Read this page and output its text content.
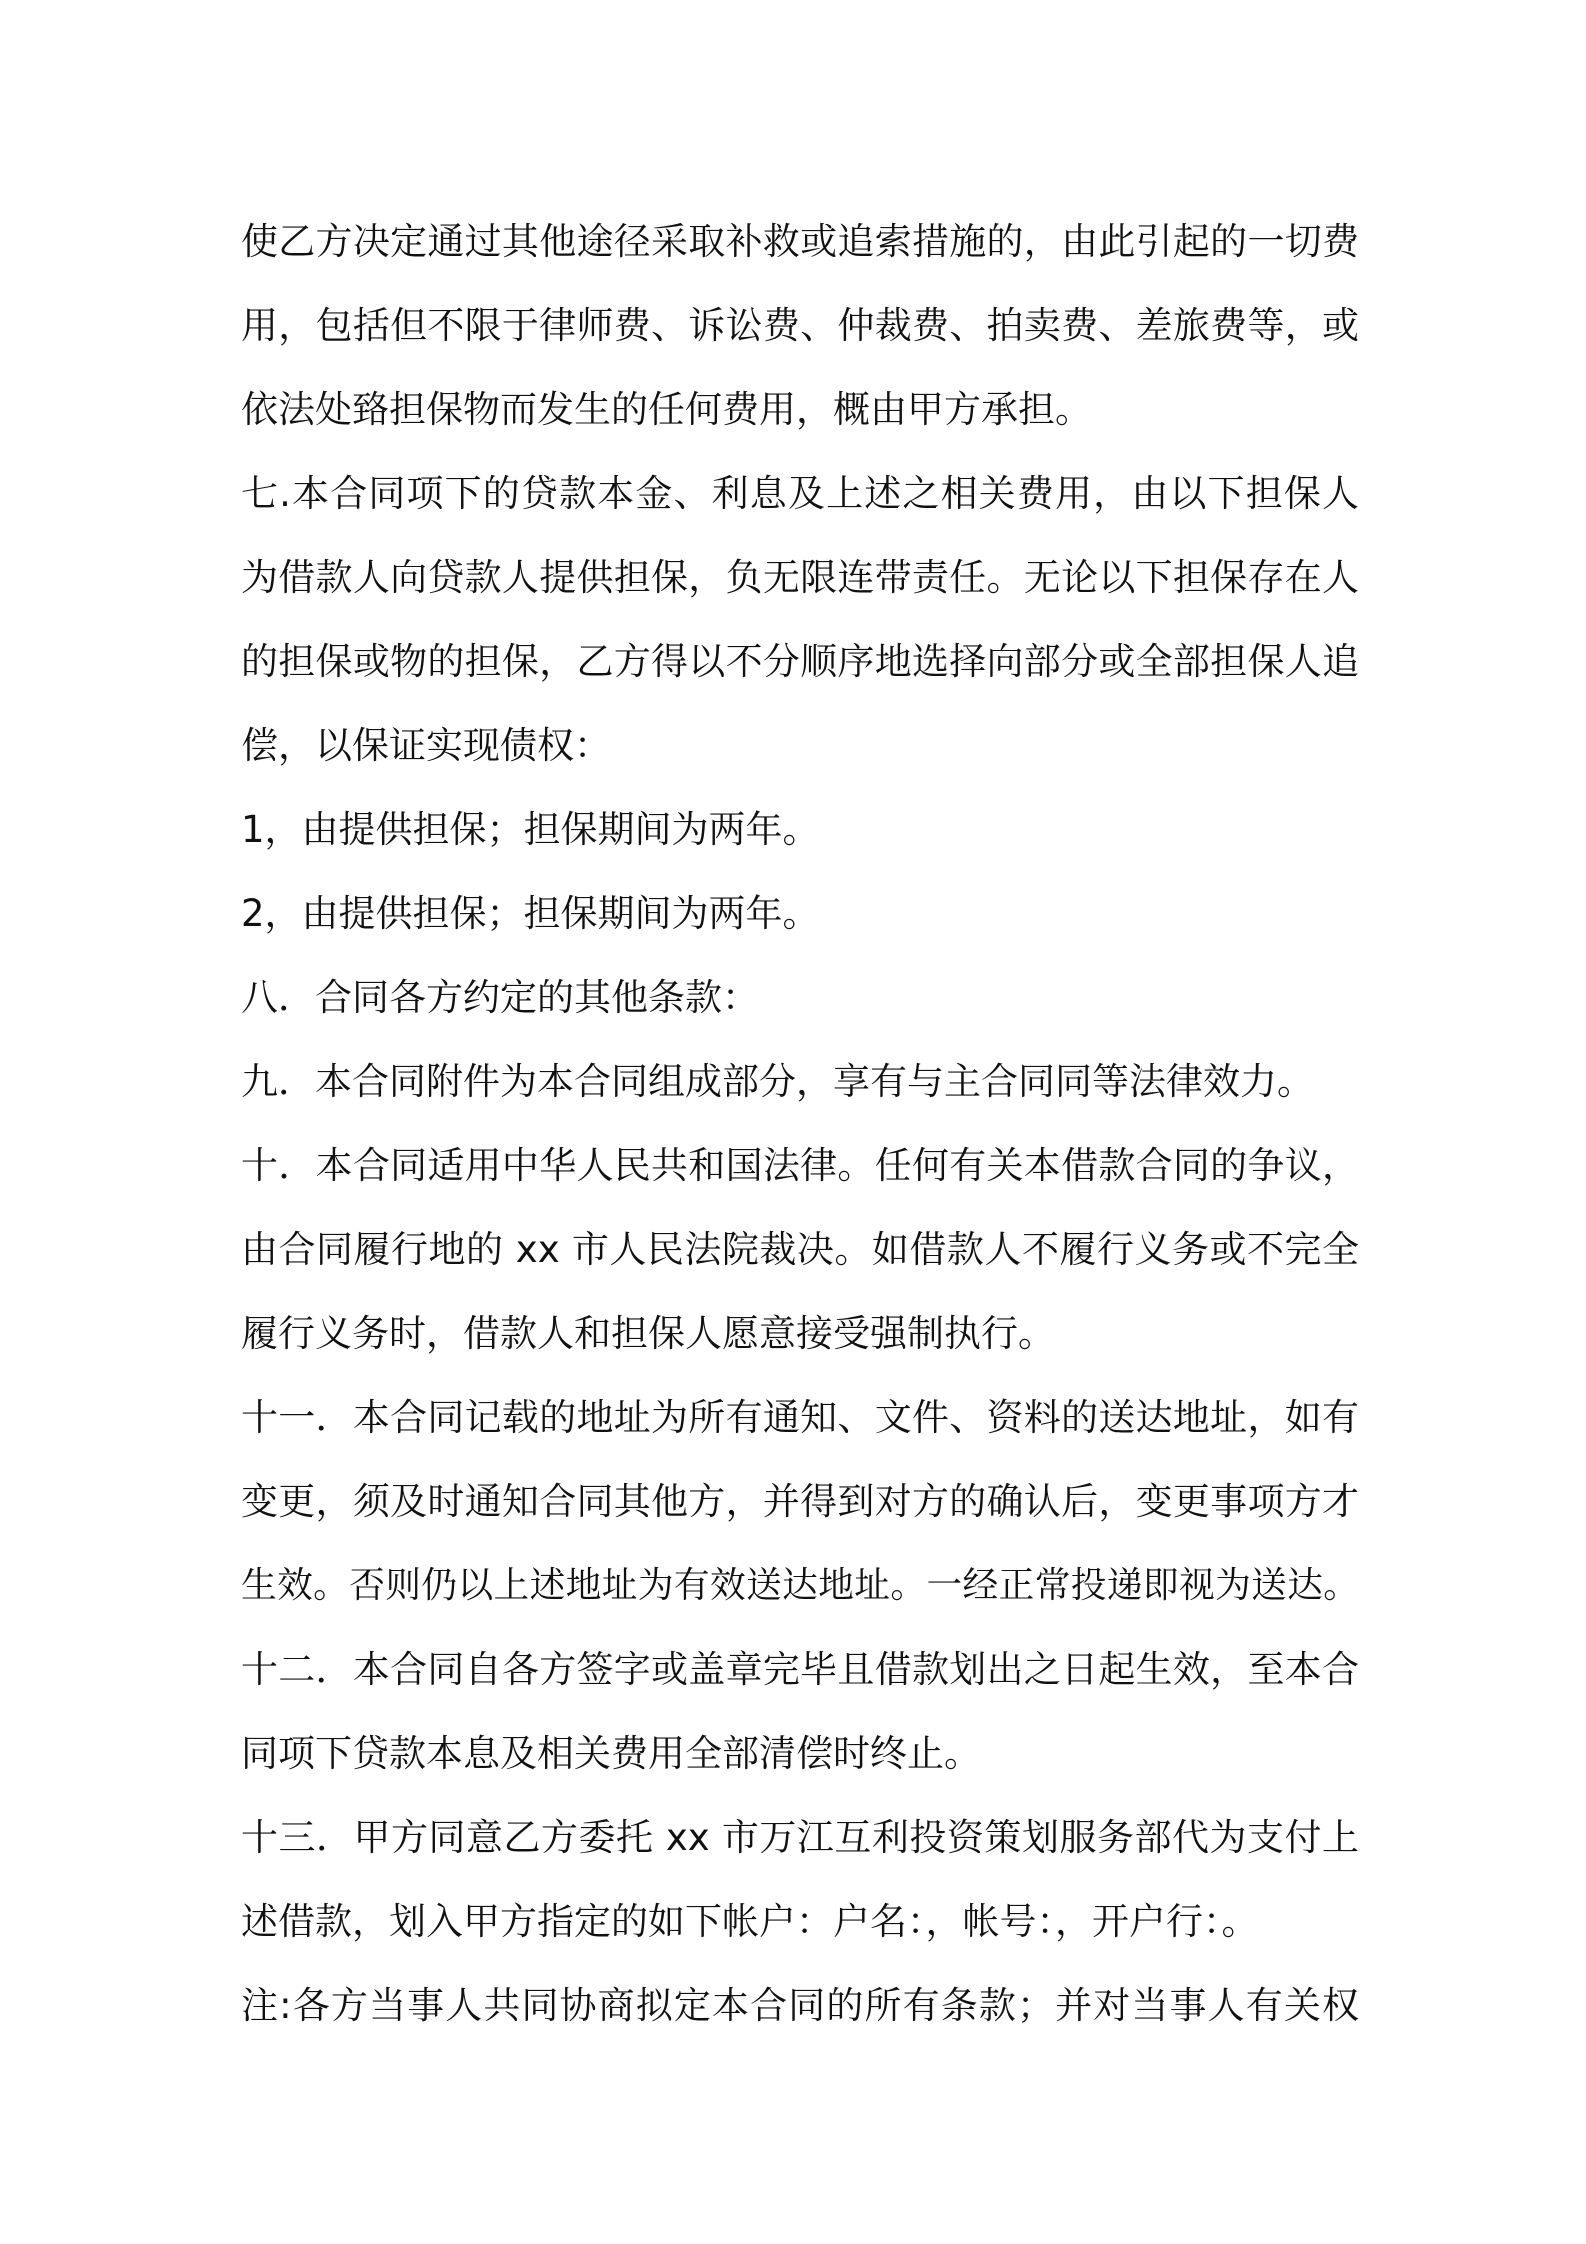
使乙方决定通过其他途径采取补救或追索措施的，由此引起的一切费
用，包括但不限于律师费、诉讼费、仲裁费、拍卖费、差旅费等，或
依法处臵担保物而发生的任何费用，概由甲方承担。
七.本合同项下的贷款本金、利息及上述之相关费用，由以下担保人
为借款人向贷款人提供担保，负无限连带责任。无论以下担保存在人
的担保或物的担保，乙方得以不分顺序地选择向部分或全部担保人追
偿，以保证实现债权：
1，由提供担保；担保期间为两年。
2，由提供担保；担保期间为两年。
八．合同各方约定的其他条款：
九．本合同附件为本合同组成部分，享有与主合同同等法律效力。
十．本合同适用中华人民共和国法律。任何有关本借款合同的争议，
由合同履行地的 xx 市人民法院裁决。如借款人不履行义务或不完全
履行义务时，借款人和担保人愿意接受强制执行。
十一．本合同记载的地址为所有通知、文件、资料的送达地址，如有
变更，须及时通知合同其他方，并得到对方的确认后，变更事项方才
生效。否则仍以上述地址为有效送达地址。一经正常投递即视为送达。
十二．本合同自各方签字或盖章完毕且借款划出之日起生效，至本合
同项下贷款本息及相关费用全部清偿时终止。
十三．甲方同意乙方委托 xx 市万江互利投资策划服务部代为支付上
述借款，划入甲方指定的如下帐户：户名：，帐号：，开户行：。
注:各方当事人共同协商拟定本合同的所有条款；并对当事人有关权
